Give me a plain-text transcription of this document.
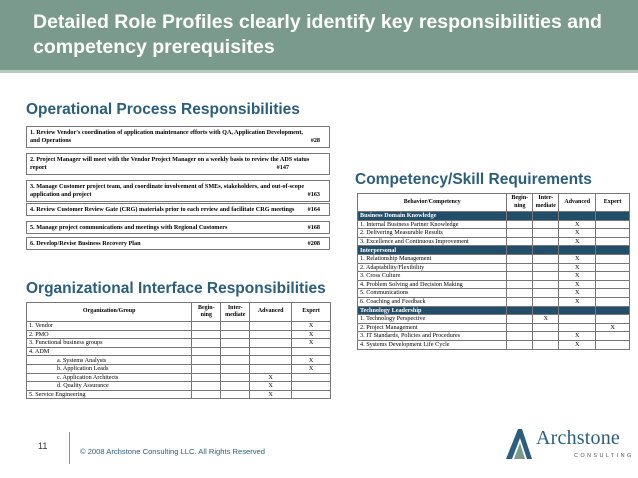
Detailed Role Profiles clearly identify key responsibilities and competency prerequisites
Operational Process Responsibilities
1. Review Vendor's coordination of application maintenance efforts with QA, Application Development, and Operations	#28
2. Project Manager will meet with the Vendor Project Manager on a weekly basis to review the ADS status report	#147
3. Manage Customer project team, and coordinate involvement of SMEs, stakeholders, and out-of-scope application and project	#163
4. Review Customer Review Gate (CRG) materials prior to each review and facilitate CRG meetings	#164
5. Manage project communications and meetings with Regional Customers	#168
6. Develop/Revise Business Recovery Plan	#208
Organizational Interface Responsibilities
Organization/Group	Begin-ning	Inter-mediate	Advanced	Expert
1. Vendor				X
2. PMO				X
3. Functional business groups				X
4. ADM				
a. Systems Analysts				X
b. Application Leads				X
c. Application Architects			X	
d. Quality Assurance			X	
5. Service Engineering			X	
Competency/Skill Requirements
Behavior/Competency	Begin-ning	Inter-mediate	Advanced	Expert
Business Domain Knowledge				
1. Internal Business Partner Knowledge			X	
2. Delivering Measurable Results			X	
3. Excellence and Continuous Improvement			X	
Interpersonal				
1. Relationship Management			X	
2. Adaptability/Flexibility			X	
3. Cross Culture			X	
4. Problem Solving and Decision Making			X	
5. Communications			X	
6. Coaching and Feedback			X	
Technology Leadership				
1. Technology Perspective		X		
2. Project Management				X
3. IT Standards, Policies and Procedures			X	
4. Systems Development Life Cycle			X	
11
© 2008 Archstone Consulting LLC. All Rights Reserved
Archstone
CONSULTING
